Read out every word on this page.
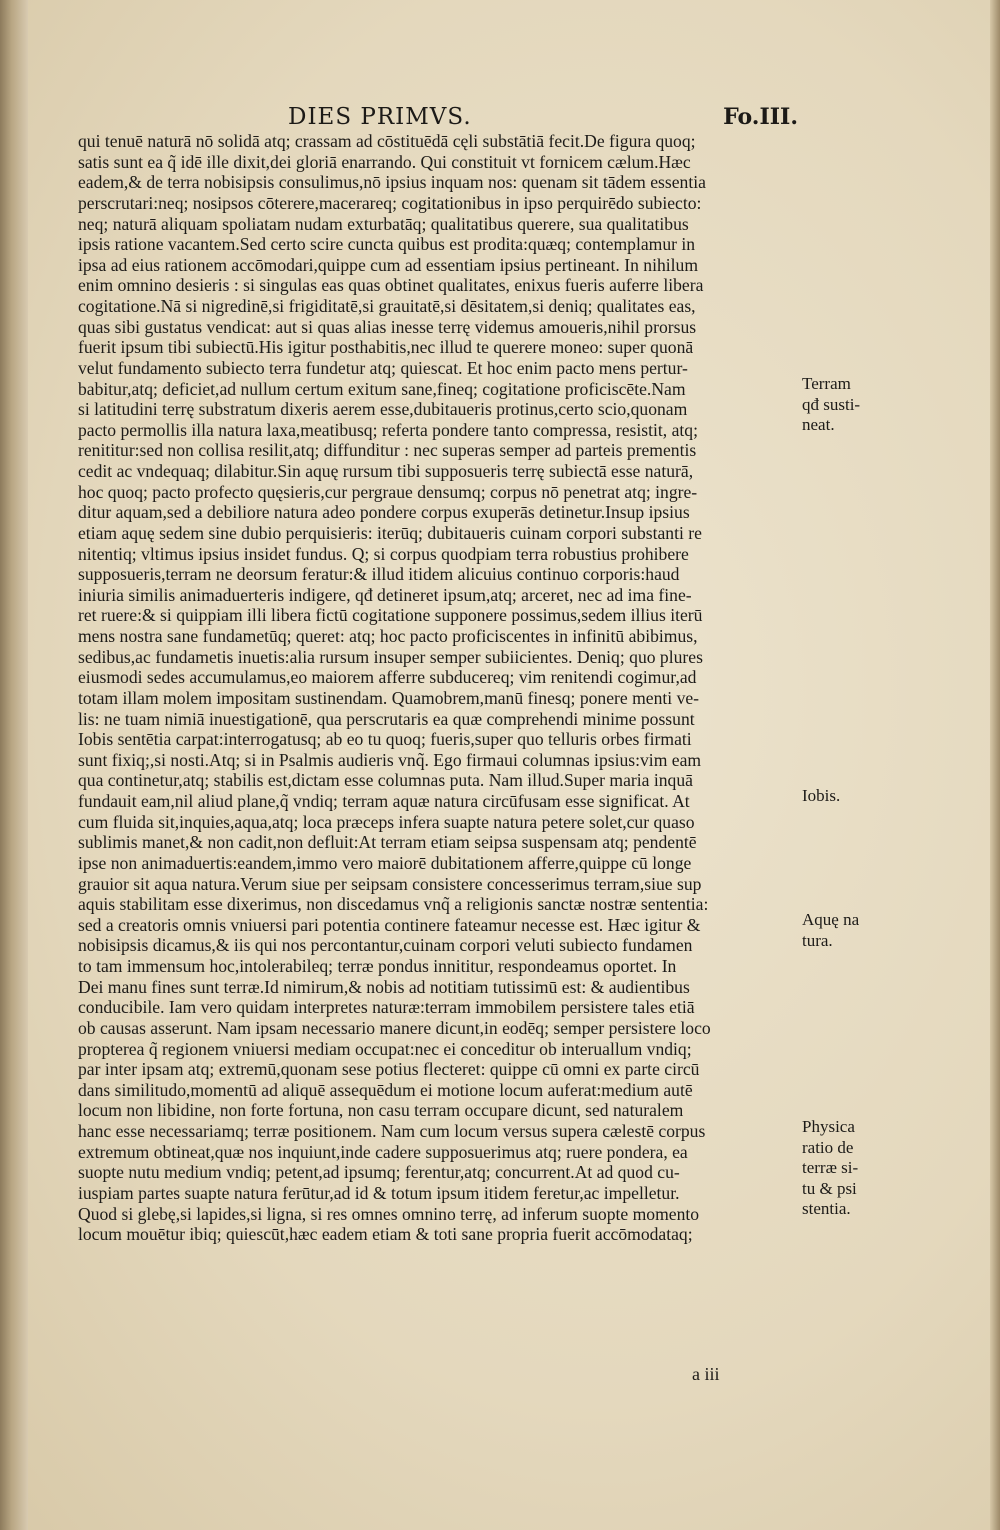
DIES PRIMVS.	Fo.III.
qui tenuē naturā nō solidā atq; crassam ad cōstituēdā cęli substātiā fecit.De figura quoq;
satis sunt ea q̃ idē ille dixit,dei gloriā enarrando. Qui constituit vt fornicem cælum.Hæc
eadem,& de terra nobisipsis consulimus,nō ipsius inquam nos: quenam sit tādem essentia
perscrutari:neq; nosipsos cōterere,macerareq; cogitationibus in ipso perquirēdo subiecto:
neq; naturā aliquam spoliatam nudam exturbatāq; qualitatibus querere, sua qualitatibus
ipsis ratione vacantem.Sed certo scire cuncta quibus est prodita:quæq; contemplamur in
ipsa ad eius rationem accōmodari,quippe cum ad essentiam ipsius pertineant. In nihilum
enim omnino desieris : si singulas eas quas obtinet qualitates, enixus fueris auferre libera
cogitatione.Nā si nigredinē,si frigiditatē,si grauitatē,si dēsitatem,si deniq; qualitates eas,
quas sibi gustatus vendicat: aut si quas alias inesse terrę videmus amoueris,nihil prorsus
fuerit ipsum tibi subiectū.His igitur posthabitis,nec illud te querere moneo: super quonā
velut fundamento subiecto terra fundetur atq; quiescat. Et hoc enim pacto mens pertur-
babitur,atq; deficiet,ad nullum certum exitum sane,fineq; cogitatione proficiscēte.Nam
si latitudini terrę substratum dixeris aerem esse,dubitaueris protinus,certo scio,quonam
pacto permollis illa natura laxa,meatibusq; referta pondere tanto compressa, resistit, atq;
renititur:sed non collisa resilit,atq; diffunditur : nec superas semper ad parteis prementis
cedit ac vndequaq; dilabitur.Sin aquę rursum tibi supposueris terrę subiectā esse naturā,
hoc quoq; pacto profecto quęsieris,cur pergraue densumq; corpus nō penetrat atq; ingre-
ditur aquam,sed a debiliore natura adeo pondere corpus exuperās detinetur.Insup ipsius
etiam aquę sedem sine dubio perquisieris: iterūq; dubitaueris cuinam corpori substanti re
nitentiq; vltimus ipsius insidet fundus. Q; si corpus quodpiam terra robustius prohibere
supposueris,terram ne deorsum feratur:& illud itidem alicuius continuo corporis:haud
iniuria similis animaduerteris indigere, qđ detineret ipsum,atq; arceret, nec ad ima fine-
ret ruere:& si quippiam illi libera fictū cogitatione supponere possimus,sedem illius iterū
mens nostra sane fundametūq; queret: atq; hoc pacto proficiscentes in infinitū abibimus,
sedibus,ac fundametis inuetis:alia rursum insuper semper subiicientes. Deniq; quo plures
eiusmodi sedes accumulamus,eo maiorem afferre subducereq; vim renitendi cogimur,ad
totam illam molem impositam sustinendam. Quamobrem,manū finesq; ponere menti ve-
lis: ne tuam nimiā inuestigationē, qua perscrutaris ea quæ comprehendi minime possunt
Iobis sentētia carpat:interrogatusq; ab eo tu quoq; fueris,super quo telluris orbes firmati
sunt fixiq;,si nosti.Atq; si in Psalmis audieris vnq̃. Ego firmaui columnas ipsius:vim eam
qua continetur,atq; stabilis est,dictam esse columnas puta. Nam illud.Super maria inquā
fundauit eam,nil aliud plane,q̃ vndiq; terram aquæ natura circūfusam esse significat. At
cum fluida sit,inquies,aqua,atq; loca præceps infera suapte natura petere solet,cur quaso
sublimis manet,& non cadit,non defluit:At terram etiam seipsa suspensam atq; pendentē
ipse non animaduertis:eandem,immo vero maiorē dubitationem afferre,quippe cū longe
grauior sit aqua natura.Verum siue per seipsam consistere concesserimus terram,siue sup
aquis stabilitam esse dixerimus, non discedamus vnq̃ a religionis sanctæ nostræ sententia:
sed a creatoris omnis vniuersi pari potentia continere fateamur necesse est. Hæc igitur &
nobisipsis dicamus,& iis qui nos percontantur,cuinam corpori veluti subiecto fundamen
to tam immensum hoc,intolerabileq; terræ pondus innititur, respondeamus oportet. In
Dei manu fines sunt terræ.Id nimirum,& nobis ad notitiam tutissimū est: & audientibus
conducibile. Iam vero quidam interpretes naturæ:terram immobilem persistere tales etiā
ob causas asserunt. Nam ipsam necessario manere dicunt,in eodēq; semper persistere loco
propterea q̃ regionem vniuersi mediam occupat:nec ei conceditur ob interuallum vndiq;
par inter ipsam atq; extremū,quonam sese potius flecteret: quippe cū omni ex parte circū
dans similitudo,momentū ad aliquē assequēdum ei motione locum auferat:medium autē
locum non libidine, non forte fortuna, non casu terram occupare dicunt, sed naturalem
hanc esse necessariamq; terræ positionem. Nam cum locum versus supera cælestē corpus
extremum obtineat,quæ nos inquiunt,inde cadere supposuerimus atq; ruere pondera, ea
suopte nutu medium vndiq; petent,ad ipsumq; ferentur,atq; concurrent.At ad quod cu-
iuspiam partes suapte natura ferūtur,ad id & totum ipsum itidem feretur,ac impelletur.
Quod si glebę,si lapides,si ligna, si res omnes omnino terrę, ad inferum suopte momento
locum mouētur ibiq; quiescūt,hæc eadem etiam & toti sane propria fuerit accōmodataq;
Terram
qđ susti-
neat.
Iobis.
Aquę na
tura.
Physica
ratio de
terræ si-
tu & psi
stentia.
a iii
